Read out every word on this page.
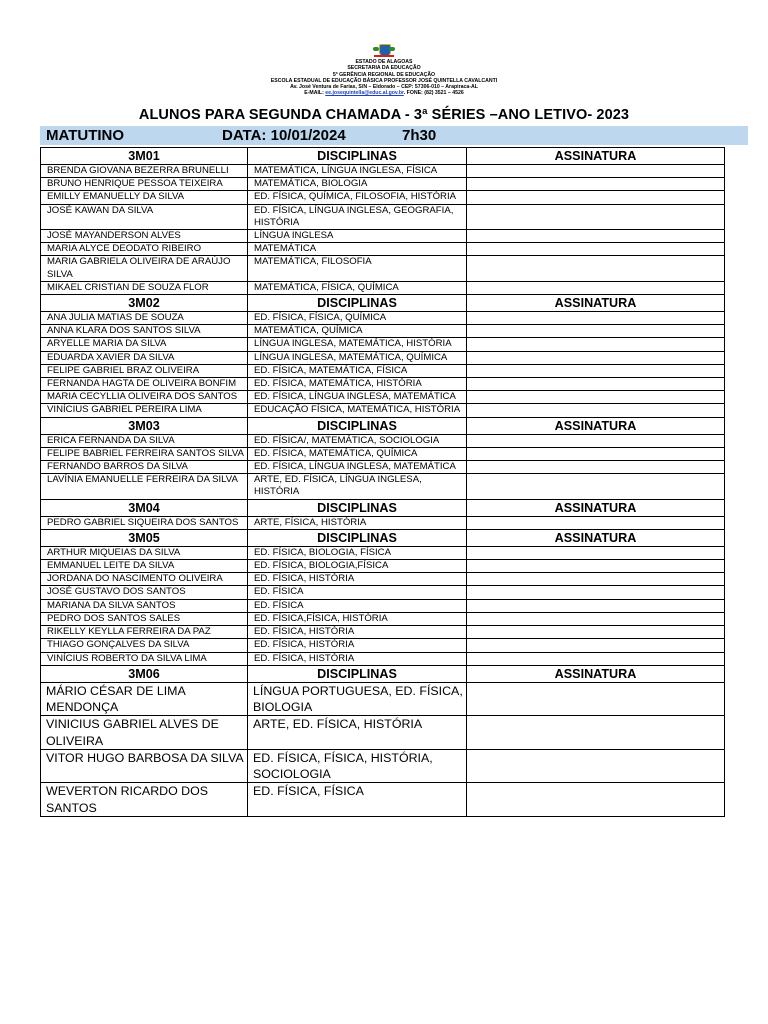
ESTADO DE ALAGOAS
SECRETARIA DA EDUCAÇÃO
5ª GERÊNCIA REGIONAL DE EDUCAÇÃO
ESCOLA ESTADUAL DE EDUCAÇÃO BÁSICA PROFESSOR JOSÉ QUINTELLA CAVALCANTI
Av. José Ventura de Farias, S/N – Eldorado – CEP: 57306-010 – Arapiraca-AL
E-MAIL: ee.josequintella@educ.al.gov.br. FONE: (82) 3521 – 4526
ALUNOS PARA SEGUNDA CHAMADA - 3ª SÉRIES –ANO LETIVO- 2023
MATUTINO	DATA: 10/01/2024	7h30
3M01	DISCIPLINAS	ASSINATURA
BRENDA GIOVANA BEZERRA BRUNELLI	MATEMÁTICA, LÍNGUA INGLESA, FÍSICA	
BRUNO HENRIQUE PESSOA TEIXEIRA	MATEMÁTICA, BIOLOGIA	
EMILLY EMANUELLY DA SILVA	ED. FÍSICA, QUÍMICA, FILOSOFIA, HISTÓRIA	
JOSÉ KAWAN DA SILVA	ED. FÍSICA, LÍNGUA INGLESA, GEOGRAFIA, HISTÓRIA	
JOSÉ MAYANDERSON ALVES	LÍNGUA INGLESA	
MARIA ALYCE DEODATO RIBEIRO	MATEMÁTICA	
MARIA GABRIELA OLIVEIRA DE ARAÚJO SILVA	MATEMÁTICA, FILOSOFIA	
MIKAEL CRISTIAN DE SOUZA FLOR	MATEMÁTICA, FÍSICA, QUÍMICA	
3M02	DISCIPLINAS	ASSINATURA
ANA JULIA MATIAS DE SOUZA	ED. FÍSICA, FÍSICA, QUÍMICA	
ANNA KLARA DOS SANTOS SILVA	MATEMÁTICA, QUÍMICA	
ARYELLE MARIA DA SILVA	LÍNGUA INGLESA, MATEMÁTICA, HISTÓRIA	
EDUARDA XAVIER DA SILVA	LÍNGUA INGLESA, MATEMÁTICA, QUÍMICA	
FELIPE GABRIEL BRAZ OLIVEIRA	ED. FÍSICA, MATEMÁTICA, FÍSICA	
FERNANDA HAGTA DE OLIVEIRA BONFIM	ED. FÍSICA, MATEMÁTICA, HISTÓRIA	
MARIA CECYLLIA OLIVEIRA DOS SANTOS	ED. FÍSICA, LÍNGUA INGLESA, MATEMÁTICA	
VINÍCIUS GABRIEL PEREIRA LIMA	EDUCAÇÃO FÍSICA, MATEMÁTICA, HISTÓRIA	
3M03	DISCIPLINAS	ASSINATURA
ERICA FERNANDA DA SILVA	ED. FÍSICA/, MATEMÁTICA, SOCIOLOGIA	
FELIPE BABRIEL FERREIRA SANTOS SILVA	ED. FÍSICA, MATEMÁTICA, QUÍMICA	
FERNANDO BARROS DA SILVA	ED. FÍSICA, LÍNGUA INGLESA, MATEMÁTICA	
LAVÍNIA EMANUELLE FERREIRA DA SILVA	ARTE, ED. FÍSICA, LÍNGUA INGLESA, HISTÓRIA	
3M04	DISCIPLINAS	ASSINATURA
PEDRO GABRIEL SIQUEIRA DOS SANTOS	ARTE, FÍSICA, HISTÓRIA	
3M05	DISCIPLINAS	ASSINATURA
ARTHUR MIQUEIAS DA SILVA	ED. FÍSICA, BIOLOGIA, FÍSICA	
EMMANUEL LEITE DA SILVA	ED. FÍSICA, BIOLOGIA,FÍSICA	
JORDANA DO NASCIMENTO OLIVEIRA	ED. FÍSICA, HISTÓRIA	
JOSÉ GUSTAVO DOS SANTOS	ED. FÍSICA	
MARIANA DA SILVA SANTOS	ED. FÍSICA	
PEDRO DOS SANTOS SALES	ED. FÍSICA,FÍSICA, HISTÓRIA	
RIKELLY KEYLLA FERREIRA DA PAZ	ED. FÍSICA, HISTÓRIA	
THIAGO GONÇALVES DA SILVA	ED. FÍSICA, HISTÓRIA	
VINÍCIUS ROBERTO DA SILVA LIMA	ED. FÍSICA, HISTÓRIA	
3M06	DISCIPLINAS	ASSINATURA
MÁRIO CÉSAR DE LIMA MENDONÇA	LÍNGUA PORTUGUESA, ED. FÍSICA, BIOLOGIA	
VINICIUS GABRIEL ALVES DE OLIVEIRA	ARTE, ED. FÍSICA, HISTÓRIA	
VITOR HUGO BARBOSA DA SILVA	ED. FÍSICA, FÍSICA, HISTÓRIA, SOCIOLOGIA	
WEVERTON RICARDO DOS SANTOS	ED. FÍSICA, FÍSICA	
